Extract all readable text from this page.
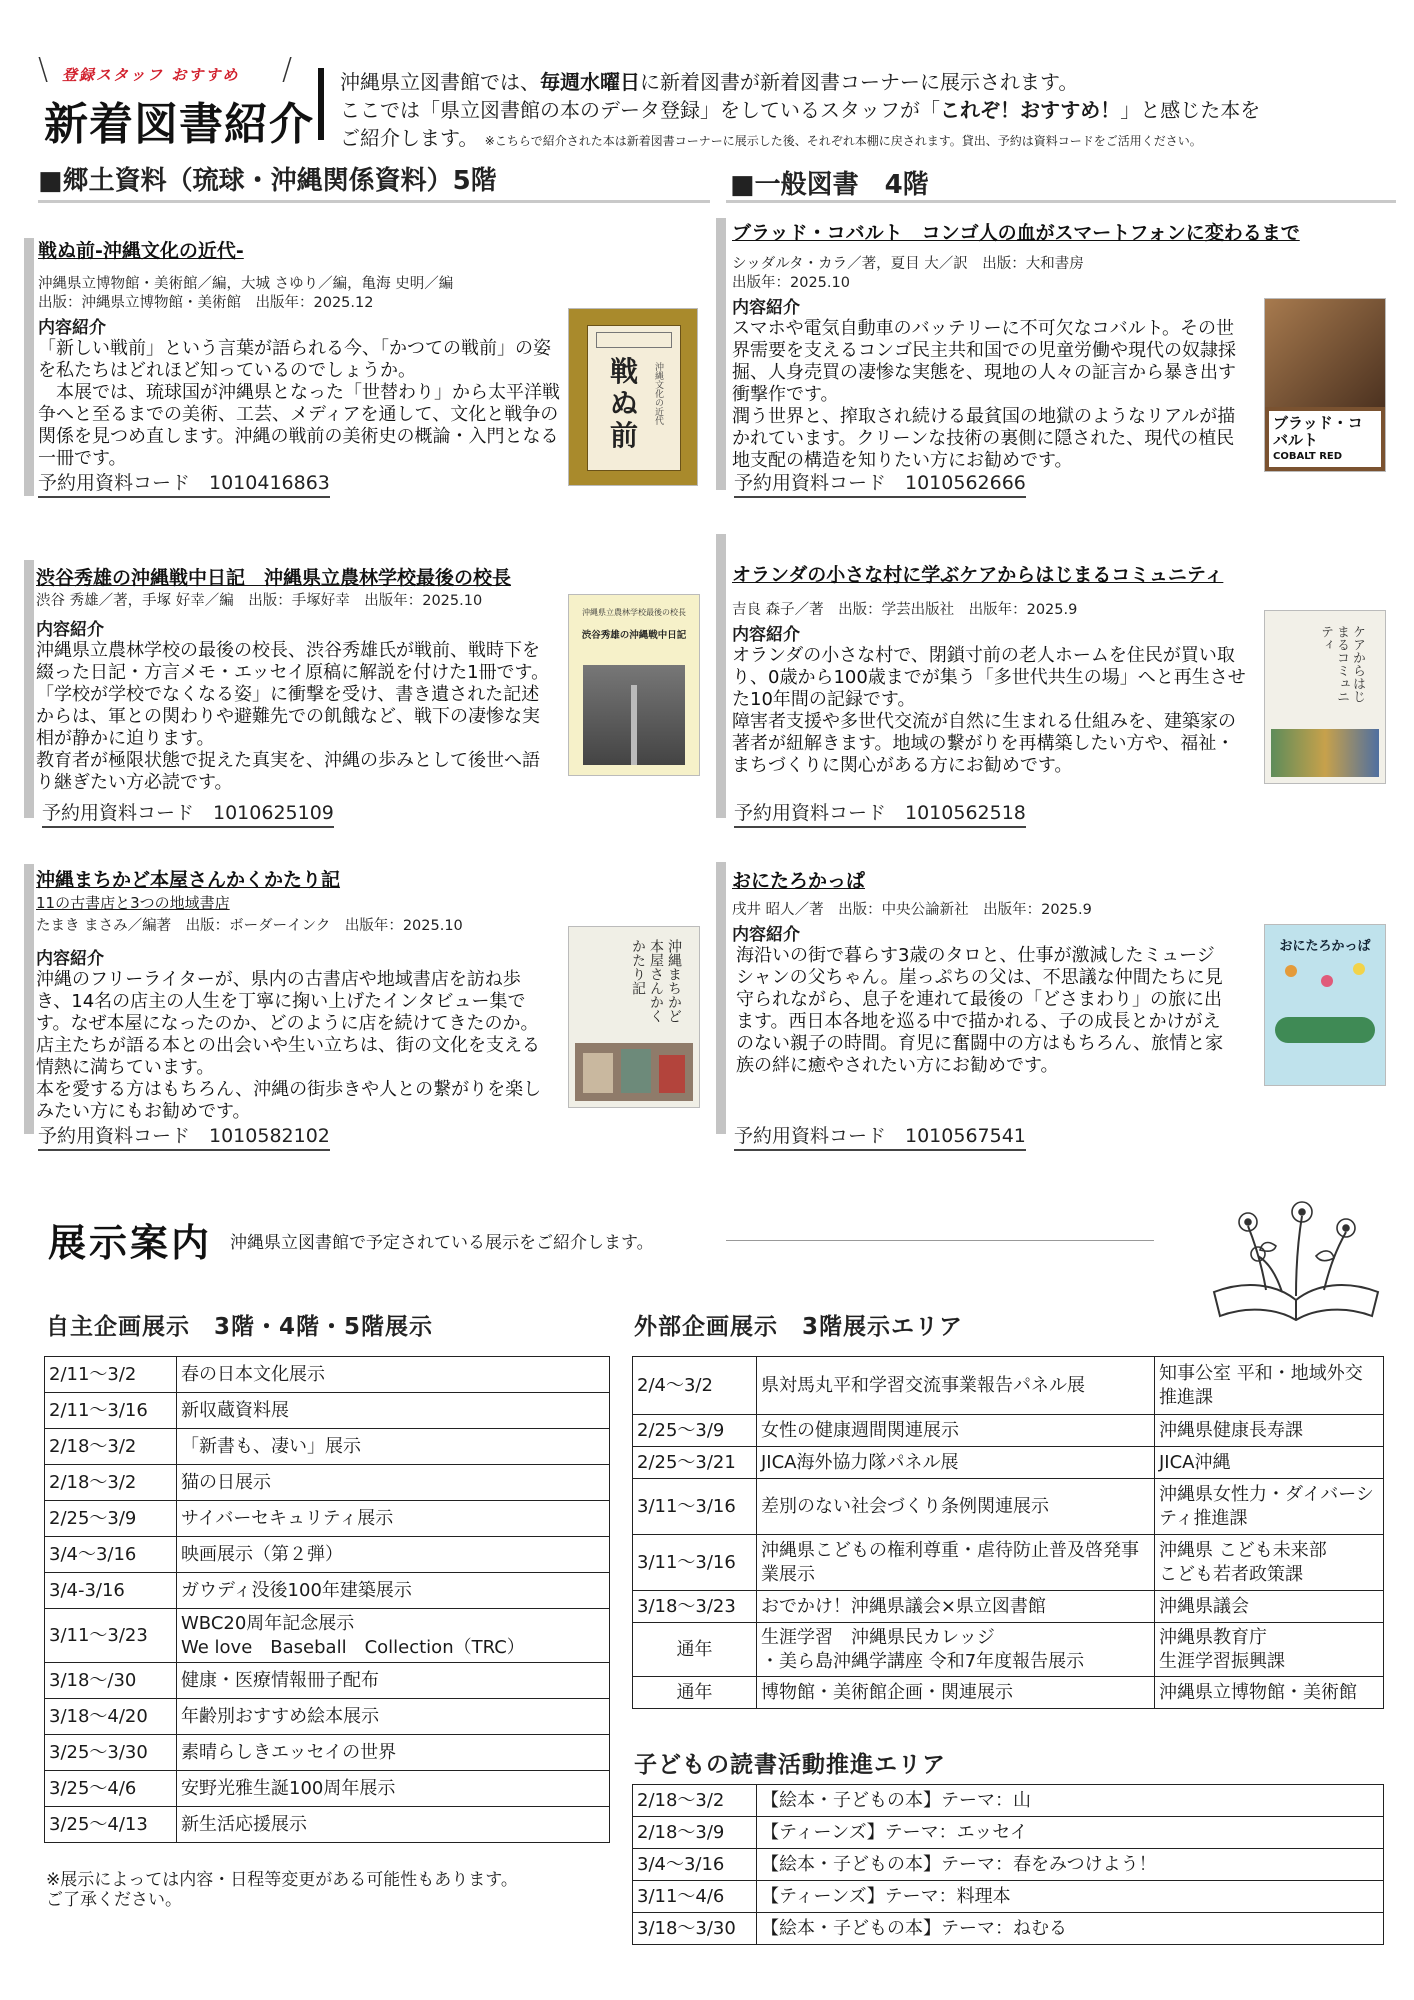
\ 登録スタッフ おすすめ /
新着図書紹介
沖縄県立図書館では、毎週水曜日に新着図書が新着図書コーナーに展示されます。
ここでは「県立図書館の本のデータ登録」をしているスタッフが「これぞ！おすすめ！」と感じた本を
ご紹介します。 ※こちらで紹介された本は新着図書コーナーに展示した後、それぞれ本棚に戻されます。貸出、予約は資料コードをご活用ください。
■郷土資料（琉球・沖縄関係資料）5階	■一般図書　4階
戦ぬ前-沖縄文化の近代-
沖縄県立博物館・美術館／編，大城 さゆり／編，亀海 史明／編
出版：沖縄県立博物館・美術館　出版年：2025.12
内容紹介
「新しい戦前」という言葉が語られる今、「かつての戦前」の姿を私たちはどれほど知っているのでしょうか。
　本展では、琉球国が沖縄県となった「世替わり」から太平洋戦争へと至るまでの美術、工芸、メディアを通して、文化と戦争の関係を見つめ直します。沖縄の戦前の美術史の概論・入門となる一冊です。
予約用資料コード　1010416863
戦ぬ前
沖縄文化の近代
渋谷秀雄の沖縄戦中日記　沖縄県立農林学校最後の校長
渋谷 秀雄／著，手塚 好幸／編　出版：手塚好幸　出版年：2025.10
内容紹介
沖縄県立農林学校の最後の校長、渋谷秀雄氏が戦前、戦時下を綴った日記・方言メモ・エッセイ原稿に解説を付けた1冊です。「学校が学校でなくなる姿」に衝撃を受け、書き遺された記述からは、軍との関わりや避難先での飢餓など、戦下の凄惨な実相が静かに迫ります。
教育者が極限状態で捉えた真実を、沖縄の歩みとして後世へ語り継ぎたい方必読です。
予約用資料コード　1010625109
沖縄県立農林学校最後の校長
渋谷秀雄の沖縄戦中日記
沖縄まちかど本屋さんかくかたり記
11の古書店と3つの地域書店
たまき まさみ／編著　出版：ボーダーインク　出版年：2025.10
内容紹介
沖縄のフリーライターが、県内の古書店や地域書店を訪ね歩き、14名の店主の人生を丁寧に掬い上げたインタビュー集です。なぜ本屋になったのか、どのように店を続けてきたのか。店主たちが語る本との出会いや生い立ちは、街の文化を支える情熱に満ちています。
本を愛する方はもちろん、沖縄の街歩きや人との繋がりを楽しみたい方にもお勧めです。
予約用資料コード　1010582102
沖縄まちかど本屋さんかくかたり記
ブラッド・コバルト　コンゴ人の血がスマートフォンに変わるまで
シッダルタ・カラ／著，夏目 大／訳　出版：大和書房
出版年：2025.10
内容紹介
スマホや電気自動車のバッテリーに不可欠なコバルト。その世界需要を支えるコンゴ民主共和国での児童労働や現代の奴隷採掘、人身売買の凄惨な実態を、現地の人々の証言から暴き出す衝撃作です。
潤う世界と、搾取され続ける最貧国の地獄のようなリアルが描かれています。クリーンな技術の裏側に隠された、現代の植民地支配の構造を知りたい方にお勧めです。
予約用資料コード　1010562666
ブラッド・コバルト
COBALT RED
オランダの小さな村に学ぶケアからはじまるコミュニティ
吉良 森子／著　出版：学芸出版社　出版年：2025.9
内容紹介
オランダの小さな村で、閉鎖寸前の老人ホームを住民が買い取り、0歳から100歳までが集う「多世代共生の場」へと再生させた10年間の記録です。
障害者支援や多世代交流が自然に生まれる仕組みを、建築家の著者が紐解きます。地域の繋がりを再構築したい方や、福祉・まちづくりに関心がある方にお勧めです。
予約用資料コード　1010562518
ケアからはじまるコミュニティ
おにたろかっぱ
戌井 昭人／著　出版：中央公論新社　出版年：2025.9
内容紹介
海沿いの街で暮らす3歳のタロと、仕事が激減したミュージシャンの父ちゃん。崖っぷちの父は、不思議な仲間たちに見守られながら、息子を連れて最後の「どさまわり」の旅に出ます。西日本各地を巡る中で描かれる、子の成長とかけがえのない親子の時間。育児に奮闘中の方はもちろん、旅情と家族の絆に癒やされたい方にお勧めです。
予約用資料コード　1010567541
おにたろかっぱ
展示案内 沖縄県立図書館で予定されている展示をご紹介します。
自主企画展示　3階・4階・5階展示
2/11～3/2	春の日本文化展示
2/11～3/16	新収蔵資料展
2/18～3/2	「新書も、凄い」展示
2/18～3/2	猫の日展示
2/25～3/9	サイバーセキュリティ展示
3/4～3/16	映画展示（第２弾）
3/4-3/16	ガウディ没後100年建築展示
3/11～3/23	WBC20周年記念展示
We love　Baseball　Collection（TRC）
3/18～/30	健康・医療情報冊子配布
3/18～4/20	年齢別おすすめ絵本展示
3/25～3/30	素晴らしきエッセイの世界
3/25～4/6	安野光雅生誕100周年展示
3/25～4/13	新生活応援展示
※展示によっては内容・日程等変更がある可能性もあります。
ご了承ください。
外部企画展示　3階展示エリア
2/4～3/2	県対馬丸平和学習交流事業報告パネル展	知事公室 平和・地域外交推進課
2/25～3/9	女性の健康週間関連展示	沖縄県健康長寿課
2/25～3/21	JICA海外協力隊パネル展	JICA沖縄
3/11～3/16	差別のない社会づくり条例関連展示	沖縄県女性力・ダイバーシティ推進課
3/11～3/16	沖縄県こどもの権利尊重・虐待防止普及啓発事業展示	沖縄県 こども未来部
こども若者政策課
3/18～3/23	おでかけ！沖縄県議会×県立図書館	沖縄県議会
通年	生涯学習　沖縄県民カレッジ
・美ら島沖縄学講座 令和7年度報告展示	沖縄県教育庁
生涯学習振興課
通年	博物館・美術館企画・関連展示	沖縄県立博物館・美術館
子どもの読書活動推進エリア
2/18～3/2	【絵本・子どもの本】テーマ：山
2/18～3/9	【ティーンズ】テーマ：エッセイ
3/4～3/16	【絵本・子どもの本】テーマ：春をみつけよう！
3/11～4/6	【ティーンズ】テーマ：料理本
3/18～3/30	【絵本・子どもの本】テーマ：ねむる
